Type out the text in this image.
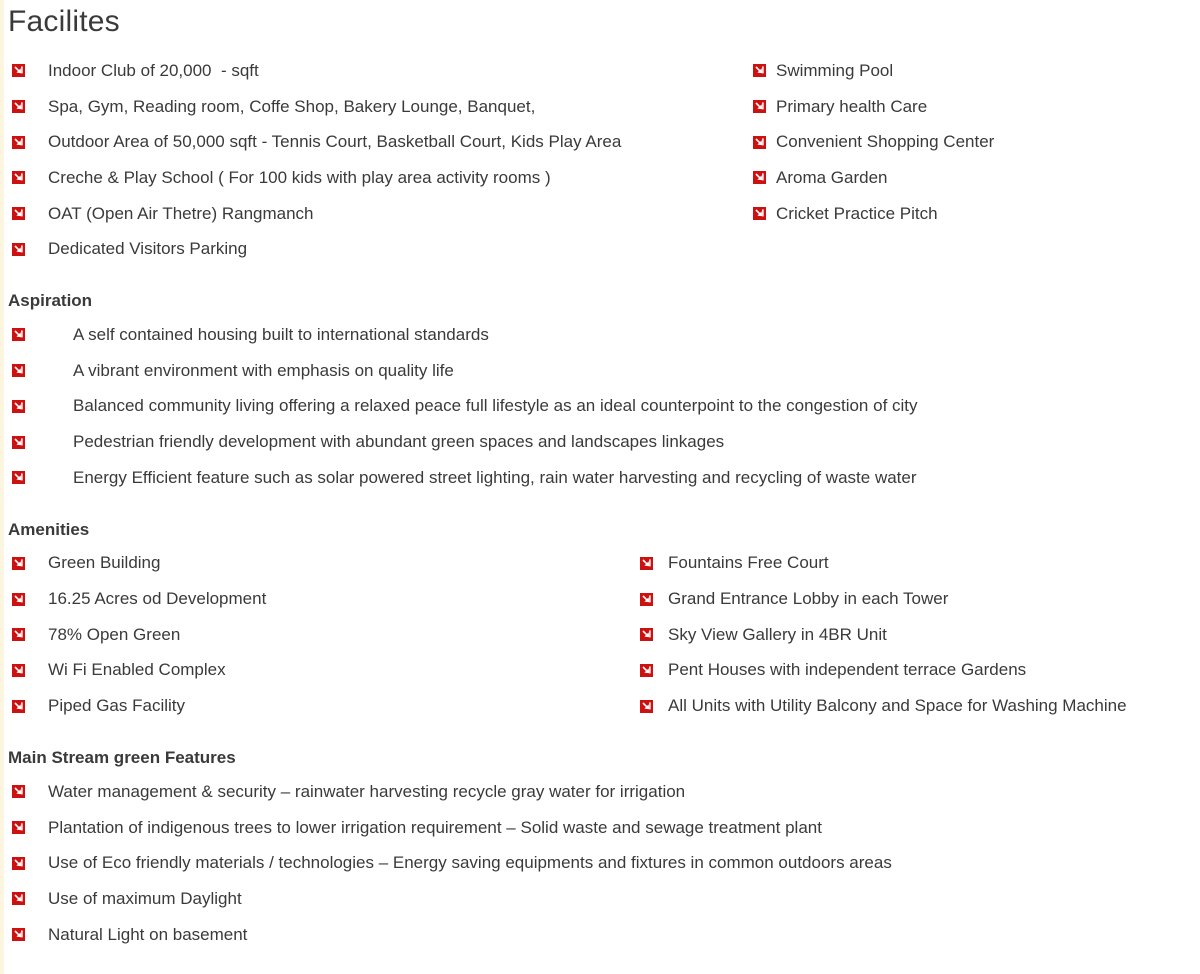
Facilites
Indoor Club of 20,000  - sqft
Spa, Gym, Reading room, Coffe Shop, Bakery Lounge, Banquet,
Outdoor Area of 50,000 sqft - Tennis Court, Basketball Court, Kids Play Area
Creche & Play School ( For 100 kids with play area activity rooms )
OAT (Open Air Thetre) Rangmanch
Dedicated Visitors Parking
Swimming Pool
Primary health Care
Convenient Shopping Center
Aroma Garden
Cricket Practice Pitch
Aspiration
A self contained housing built to international standards
A vibrant environment with emphasis on quality life
Balanced community living offering a relaxed peace full lifestyle as an ideal counterpoint to the congestion of city
Pedestrian friendly development with abundant green spaces and landscapes linkages
Energy Efficient feature such as solar powered street lighting, rain water harvesting and recycling of waste water
Amenities
Green Building
16.25 Acres od Development
78% Open Green
Wi Fi Enabled Complex
Piped Gas Facility
Fountains Free Court
Grand Entrance Lobby in each Tower
Sky View Gallery in 4BR Unit
Pent Houses with independent terrace Gardens
All Units with Utility Balcony and Space for Washing Machine
Main Stream green Features
Water management & security – rainwater harvesting recycle gray water for irrigation
Plantation of indigenous trees to lower irrigation requirement – Solid waste and sewage treatment plant
Use of Eco friendly materials / technologies – Energy saving equipments and fixtures in common outdoors areas
Use of maximum Daylight
Natural Light on basement
